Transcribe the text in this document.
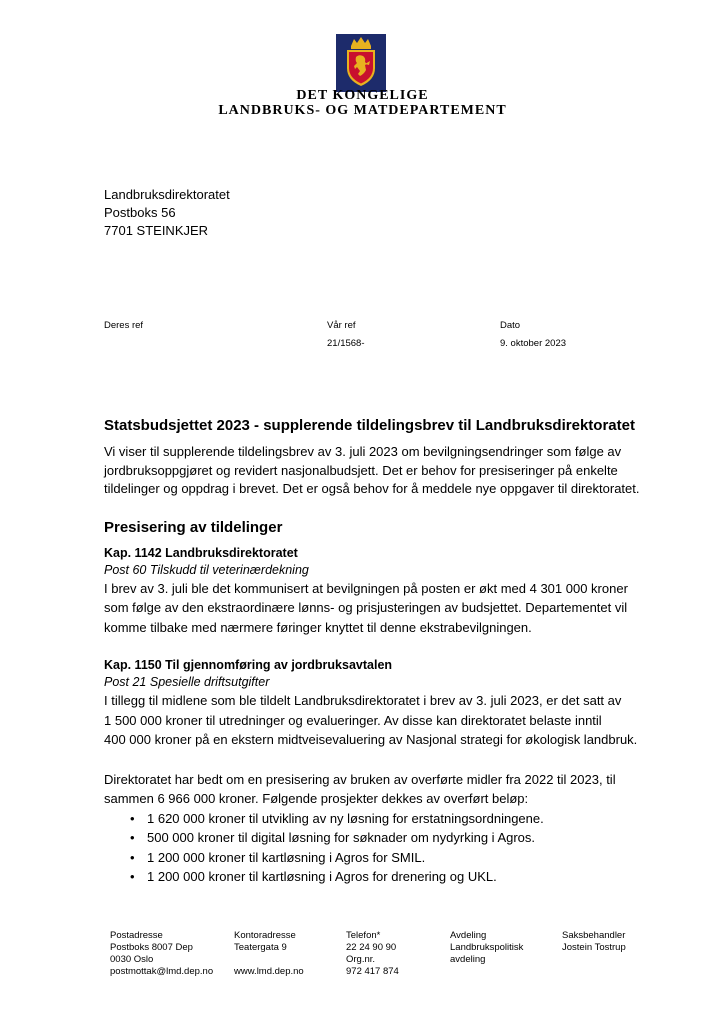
DET KONGELIGE
LANDBRUKS- OG MATDEPARTEMENT
Landbruksdirektoratet
Postboks 56
7701 STEINKJER
Deres ref	Vår ref
21/1568-
Dato
9. oktober 2023
Statsbudsjettet 2023 - supplerende tildelingsbrev til Landbruksdirektoratet

Vi viser til supplerende tildelingsbrev av 3. juli 2023 om bevilgningsendringer som følge av
jordbruksoppgjøret og revidert nasjonalbudsjett. Det er behov for presiseringer på enkelte
tildelinger og oppdrag i brevet. Det er også behov for å meddele nye oppgaver til direktoratet.

Presisering av tildelinger
Kap. 1142 Landbruksdirektoratet

Post 60 Tilskudd til veterinærdekning

I brev av 3. juli ble det kommunisert at bevilgningen på posten er økt med 4 301 000 kroner
som følge av den ekstraordinære lønns- og prisjusteringen av budsjettet. Departementet vil
komme tilbake med nærmere føringer knyttet til denne ekstrabevilgningen.

Kap. 1150 Til gjennomføring av jordbruksavtalen

Post 21 Spesielle driftsutgifter

I tillegg til midlene som ble tildelt Landbruksdirektoratet i brev av 3. juli 2023, er det satt av
1 500 000 kroner til utredninger og evalueringer. Av disse kan direktoratet belaste inntil
400 000 kroner på en ekstern midtveisevaluering av Nasjonal strategi for økologisk landbruk.

Direktoratet har bedt om en presisering av bruken av overførte midler fra 2022 til 2023, til
sammen 6 966 000 kroner. Følgende prosjekter dekkes av overført beløp:

• 1 620 000 kroner til utvikling av ny løsning for erstatningsordningene.
• 500 000 kroner til digital løsning for søknader om nydyrking i Agros.
• 1 200 000 kroner til kartløsning i Agros for SMIL.
• 1 200 000 kroner til kartløsning i Agros for drenering og UKL.
Postadresse
Postboks 8007 Dep
0030 Oslo
postmottak@lmd.dep.no
Kontoradresse
Teatergata 9

www.lmd.dep.no
Telefon*
22 24 90 90
Org.nr.
972 417 874
Avdeling
Landbrukspolitisk
avdeling
Saksbehandler
Jostein Tostrup
